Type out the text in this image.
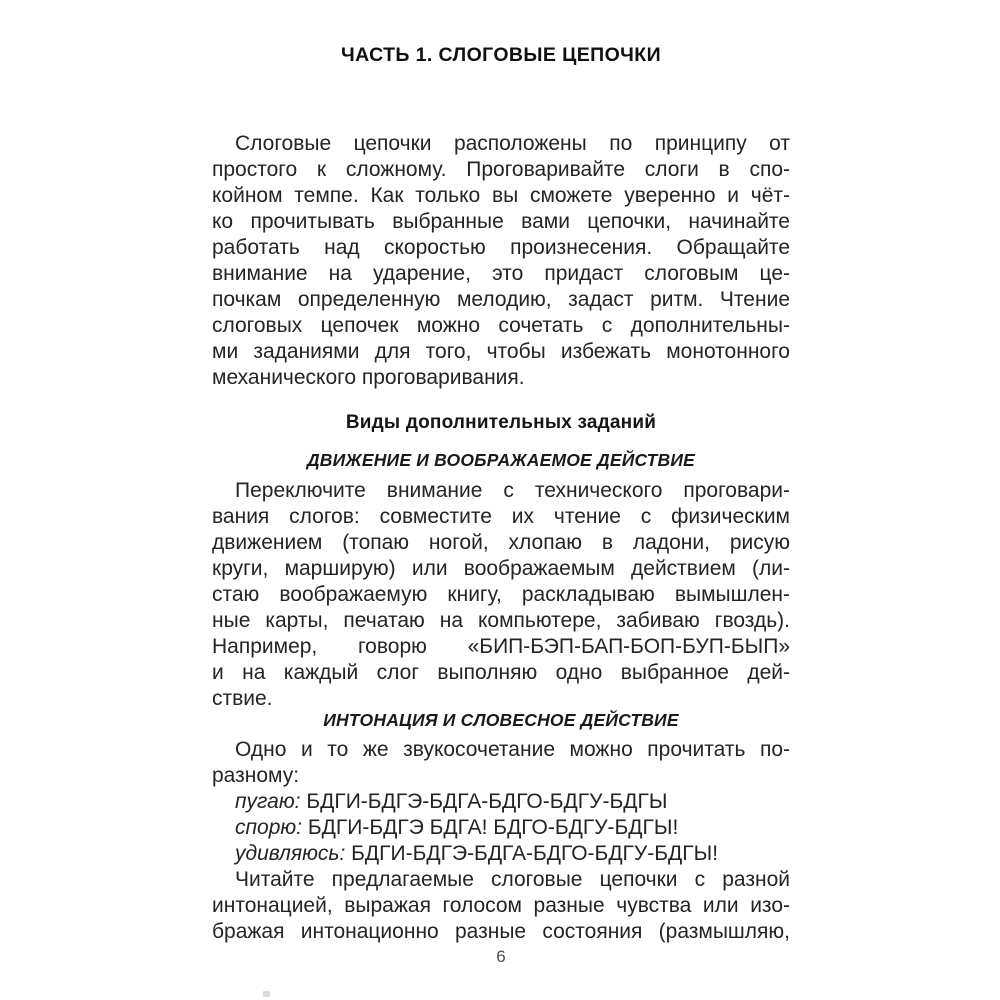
ЧАСТЬ 1. СЛОГОВЫЕ ЦЕПОЧКИ
Слоговые цепочки расположены по принципу от
простого к сложному. Проговаривайте слоги в спо-
койном темпе. Как только вы сможете уверенно и чёт-
ко прочитывать выбранные вами цепочки, начинайте
работать над скоростью произнесения. Обращайте
внимание на ударение, это придаст слоговым це-
почкам определенную мелодию, задаст ритм. Чтение
слоговых цепочек можно сочетать с дополнительны-
ми заданиями для того, чтобы избежать монотонного
механического проговаривания.
Виды дополнительных заданий
ДВИЖЕНИЕ И ВООБРАЖАЕМОЕ ДЕЙСТВИЕ
Переключите внимание с технического проговари-
вания слогов: совместите их чтение с физическим
движением (топаю ногой, хлопаю в ладони, рисую
круги, марширую) или воображаемым действием (ли-
стаю воображаемую книгу, раскладываю вымышлен-
ные карты, печатаю на компьютере, забиваю гвоздь).
Например, говорю «БИП-БЭП-БАП-БОП-БУП-БЫП»
и на каждый слог выполняю одно выбранное дей-
ствие.
ИНТОНАЦИЯ И СЛОВЕСНОЕ ДЕЙСТВИЕ
Одно и то же звукосочетание можно прочитать по-
разному:
пугаю: БДГИ-БДГЭ-БДГА-БДГО-БДГУ-БДГЫ
спорю: БДГИ-БДГЭ БДГА! БДГО-БДГУ-БДГЫ!
удивляюсь: БДГИ-БДГЭ-БДГА-БДГО-БДГУ-БДГЫ!
Читайте предлагаемые слоговые цепочки с разной
интонацией, выражая голосом разные чувства или изо-
бражая интонационно разные состояния (размышляю,
6
